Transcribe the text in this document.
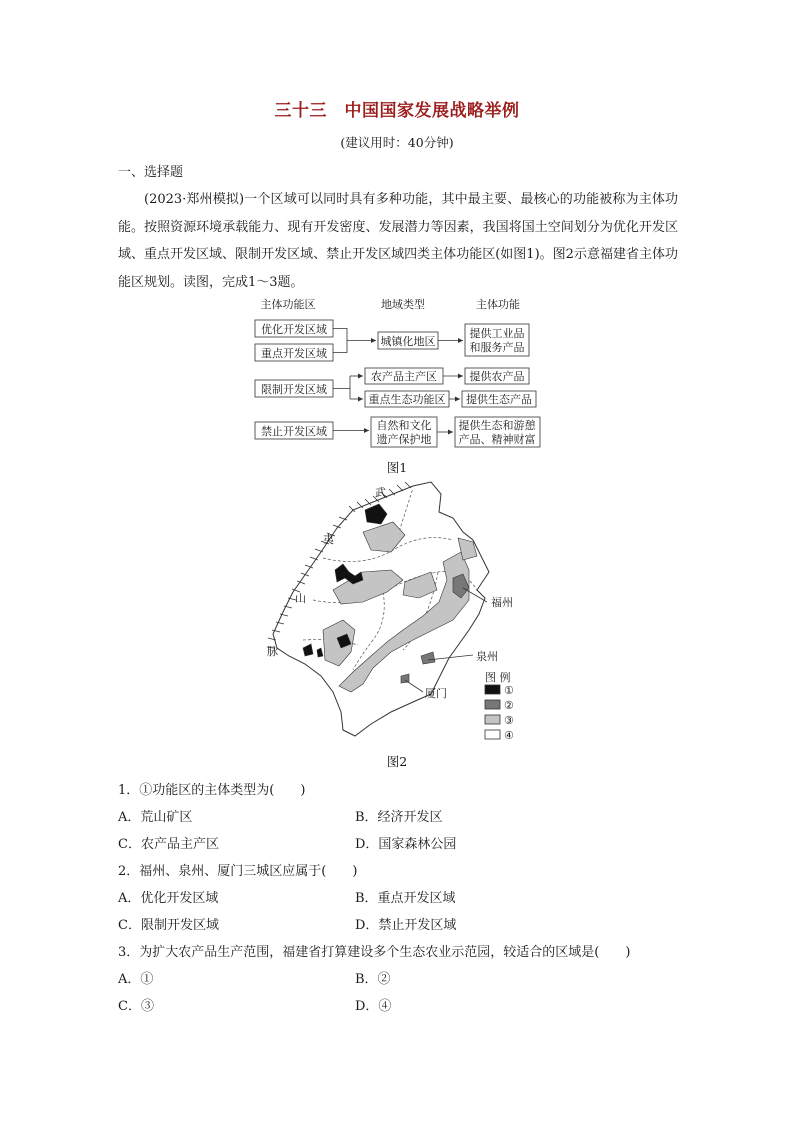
三十三　中国国家发展战略举例
(建议用时：40分钟)
一、选择题
(2023·郑州模拟)一个区域可以同时具有多种功能，其中最主要、最核心的功能被称为主体功能。按照资源环境承载能力、现有开发密度、发展潜力等因素，我国将国土空间划分为优化开发区域、重点开发区域、限制开发区域、禁止开发区域四类主体功能区(如图1)。图2示意福建省主体功能区规划。读图，完成1～3题。
主体功能区	地域类型	主体功能
优化开发区域
重点开发区域
限制开发区域
禁止开发区域
城镇化地区
农产品主产区
重点生态功能区
自然和文化
遗产保护地
提供工业品
和服务产品
提供农产品
提供生态产品
提供生态和游憩
产品、精神财富
图1
武
夷
山
脉
福州
泉州
厦门
图 例
①
②
③
④
图2
1．①功能区的主体类型为(　　)
A．荒山矿区	B．经济开发区
C．农产品主产区	D．国家森林公园
2．福州、泉州、厦门三城区应属于(　　)
A．优化开发区域	B．重点开发区域
C．限制开发区域	D．禁止开发区域
3．为扩大农产品生产范围，福建省打算建设多个生态农业示范园，较适合的区域是(　　)
A．①	B．②
C．③	D．④
